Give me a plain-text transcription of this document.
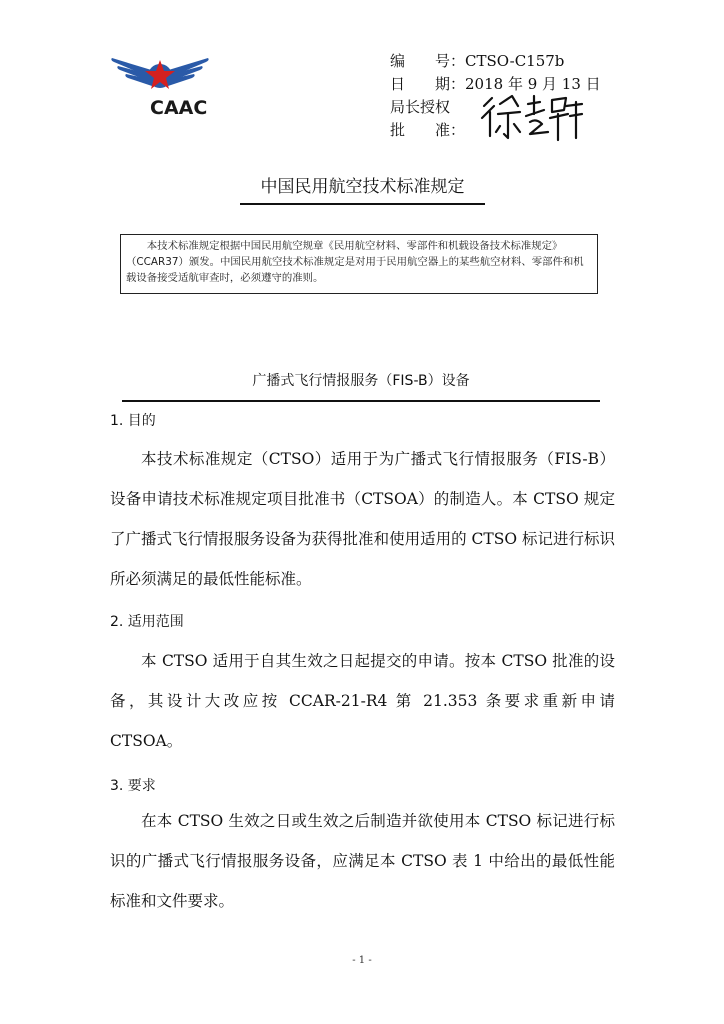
CAAC
编　　号： CTSO-C157b
日　　期： 2018 年 9 月 13 日
局长授权
批　　准：
中国民用航空技术标准规定

本技术标准规定根据中国民用航空规章《民用航空材料、零部件和机载设备技术标准规定》（CCAR37）颁发。中国民用航空技术标准规定是对用于民用航空器上的某些航空材料、零部件和机载设备接受适航审查时，必须遵守的准则。

广播式飞行情报服务（FIS-B）设备
1. 目的

本技术标准规定（CTSO）适用于为广播式飞行情报服务（FIS-B）设备申请技术标准规定项目批准书（CTSOA）的制造人。本 CTSO 规定了广播式飞行情报服务设备为获得批准和使用适用的 CTSO 标记进行标识所必须满足的最低性能标准。

2. 适用范围

本 CTSO 适用于自其生效之日起提交的申请。按本 CTSO 批准的设备，其设计大改应按 CCAR-21-R4 第 21.353 条要求重新申请 CTSOA。

3. 要求

在本 CTSO 生效之日或生效之后制造并欲使用本 CTSO 标记进行标识的广播式飞行情报服务设备，应满足本 CTSO 表 1 中给出的最低性能标准和文件要求。

- 1 -
